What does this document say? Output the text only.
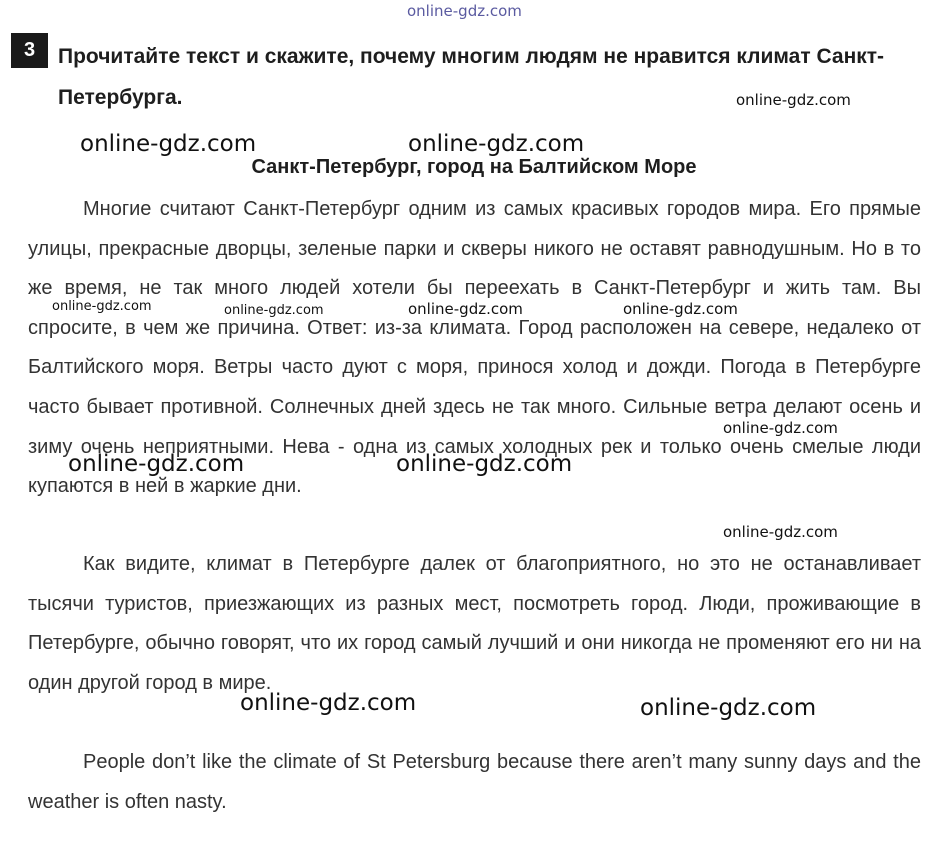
online-gdz.com
3	Прочитайте текст и скажите, почему многим людям не нравится климат Санкт-Петербурга.	online-gdz.com
online-gdz.com	online-gdz.com
Санкт-Петербург, город на Балтийском Море
Многие считают Санкт-Петербург одним из самых красивых городов мира. Его прямые улицы, прекрасные дворцы, зеленые парки и скверы никого не оставят равнодушным. Но в то же время, не так много людей хотели бы переехать в Санкт-Петербург и жить там. Вы спросите, в чем же причина. Ответ: из-за климата. Город расположен на севере, недалеко от Балтийского моря. Ветры часто дуют с моря, принося холод и дожди. Погода в Петербурге часто бывает противной. Солнечных дней здесь не так много. Сильные ветра делают осень и зиму очень неприятными. Нева - одна из самых холодных рек и только очень смелые люди купаются в ней в жаркие дни.
online-gdz.com	online-gdz.com	online-gdz.com	online-gdz.com
online-gdz.com
online-gdz.com	online-gdz.com
online-gdz.com
Как видите, климат в Петербурге далек от благоприятного, но это не останавливает тысячи туристов, приезжающих из разных мест, посмотреть город. Люди, проживающие в Петербурге, обычно говорят, что их город самый лучший и они никогда не променяют его ни на один другой город в мире.
online-gdz.com	online-gdz.com
People don’t like the climate of St Petersburg because there aren’t many sunny days and the weather is often nasty.
